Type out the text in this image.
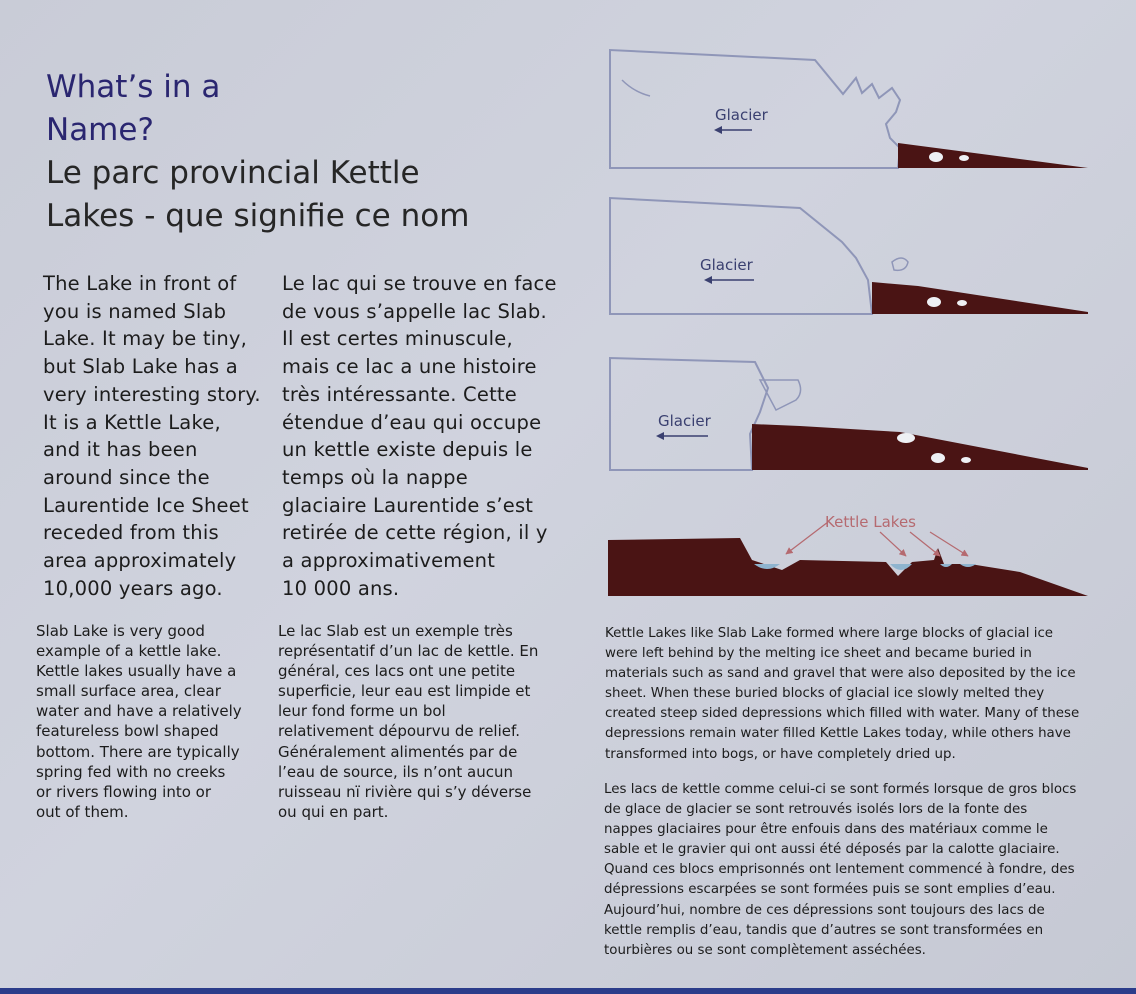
What’s in a
Name?
Le parc provincial Kettle
Lakes - que signifie ce nom

The Lake in front of
you is named Slab
Lake. It may be tiny,
but Slab Lake has a
very interesting story.
It is a Kettle Lake,
and it has been
around since the
Laurentide Ice Sheet
receded from this
area approximately
10,000 years ago.

Le lac qui se trouve en face
de vous s’appelle lac Slab.
Il est certes minuscule,
mais ce lac a une histoire
très intéressante. Cette
étendue d’eau qui occupe
un kettle existe depuis le
temps où la nappe
glaciaire Laurentide s’est
retirée de cette région, il y
a approximativement
10 000 ans.

Slab Lake is very good
example of a kettle lake.
Kettle lakes usually have a
small surface area, clear
water and have a relatively
featureless bowl shaped
bottom. There are typically
spring fed with no creeks
or rivers flowing into or
out of them.

Le lac Slab est un exemple très
représentatif d’un lac de kettle. En
général, ces lacs ont une petite
superficie, leur eau est limpide et
leur fond forme un bol
relativement dépourvu de relief.
Généralement alimentés par de
l’eau de source, ils n’ont aucun
ruisseau nï rivière qui s’y déverse
ou qui en part.

Kettle Lakes like Slab Lake formed where large blocks of glacial ice
were left behind by the melting ice sheet and became buried in
materials such as sand and gravel that were also deposited by the ice
sheet. When these buried blocks of glacial ice slowly melted they
created steep sided depressions which filled with water. Many of these
depressions remain water filled Kettle Lakes today, while others have
transformed into bogs, or have completely dried up.

Les lacs de kettle comme celui-ci se sont formés lorsque de gros blocs
de glace de glacier se sont retrouvés isolés lors de la fonte des
nappes glaciaires pour être enfouis dans des matériaux comme le
sable et le gravier qui ont aussi été déposés par la calotte glaciaire.
Quand ces blocs emprisonnés ont lentement commencé à fondre, des
dépressions escarpées se sont formées puis se sont emplies d’eau.
Aujourd’hui, nombre de ces dépressions sont toujours des lacs de
kettle remplis d’eau, tandis que d’autres se sont transformées en
tourbières ou se sont complètement asséchées.

Glacier
Glacier
Glacier
Kettle Lakes
